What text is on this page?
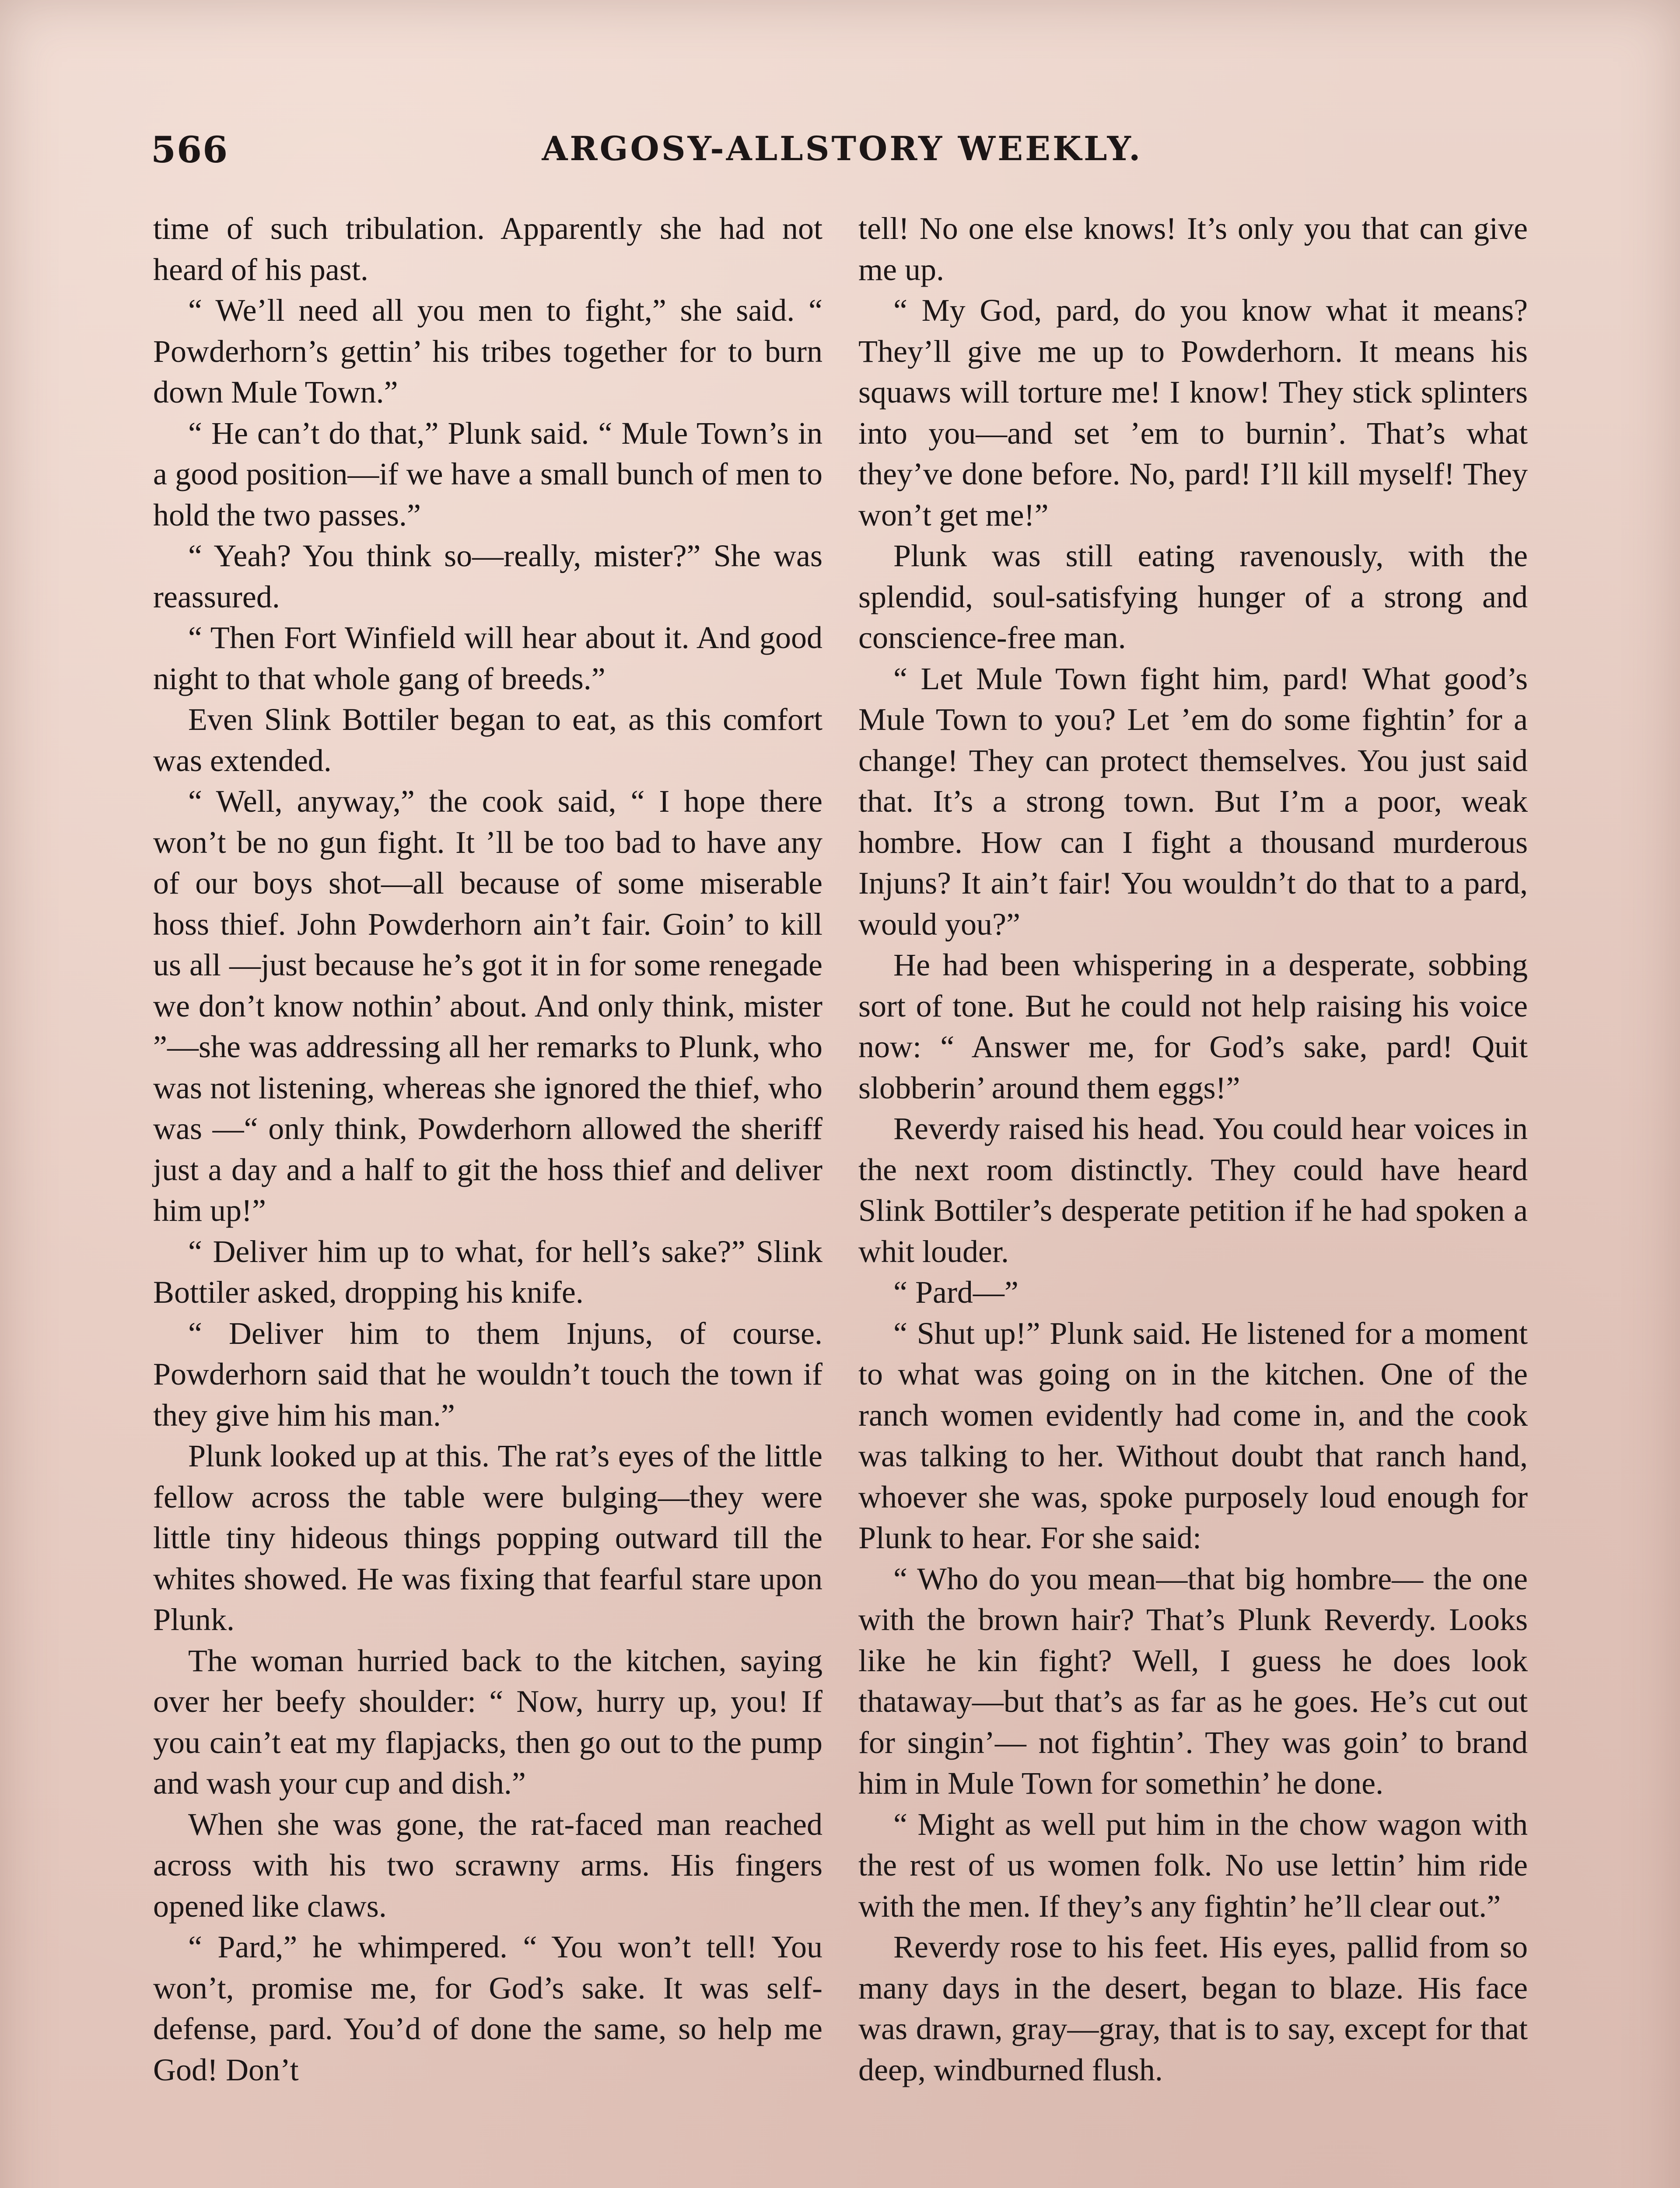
566	ARGOSY-ALLSTORY WEEKLY.

time of such tribulation. Apparently she had not heard of his past.

“ We’ll need all you men to fight,” she said. “ Powderhorn’s gettin’ his tribes together for to burn down Mule Town.”

“ He can’t do that,” Plunk said. “ Mule Town’s in a good position—if we have a small bunch of men to hold the two passes.”

“ Yeah? You think so—really, mister?” She was reassured.

“ Then Fort Winfield will hear about it. And good night to that whole gang of breeds.”

Even Slink Bottiler began to eat, as this comfort was extended.

“ Well, anyway,” the cook said, “ I hope there won’t be no gun fight. It ’ll be too bad to have any of our boys shot—all because of some miserable hoss thief. John Powderhorn ain’t fair. Goin’ to kill us all —just because he’s got it in for some renegade we don’t know nothin’ about. And only think, mister ”—she was addressing all her remarks to Plunk, who was not listening, whereas she ignored the thief, who was —“ only think, Powderhorn allowed the sheriff just a day and a half to git the hoss thief and deliver him up!”

“ Deliver him up to what, for hell’s sake?” Slink Bottiler asked, dropping his knife.

“ Deliver him to them Injuns, of course. Powderhorn said that he wouldn’t touch the town if they give him his man.”

Plunk looked up at this. The rat’s eyes of the little fellow across the table were bulging—they were little tiny hideous things popping outward till the whites showed. He was fixing that fearful stare upon Plunk.

The woman hurried back to the kitchen, saying over her beefy shoulder: “ Now, hurry up, you! If you cain’t eat my flapjacks, then go out to the pump and wash your cup and dish.”

When she was gone, the rat-faced man reached across with his two scrawny arms. His fingers opened like claws.

“ Pard,” he whimpered. “ You won’t tell! You won’t, promise me, for God’s sake. It was self-defense, pard. You’d of done the same, so help me God! Don’t

tell! No one else knows! It’s only you that can give me up.

“ My God, pard, do you know what it means? They’ll give me up to Powderhorn. It means his squaws will torture me! I know! They stick splinters into you—and set ’em to burnin’. That’s what they’ve done before. No, pard! I’ll kill myself! They won’t get me!”

Plunk was still eating ravenously, with the splendid, soul-satisfying hunger of a strong and conscience-free man.

“ Let Mule Town fight him, pard! What good’s Mule Town to you? Let ’em do some fightin’ for a change! They can protect themselves. You just said that. It’s a strong town. But I’m a poor, weak hombre. How can I fight a thousand murderous Injuns? It ain’t fair! You wouldn’t do that to a pard, would you?”

He had been whispering in a desperate, sobbing sort of tone. But he could not help raising his voice now: “ Answer me, for God’s sake, pard! Quit slobberin’ around them eggs!”

Reverdy raised his head. You could hear voices in the next room distinctly. They could have heard Slink Bottiler’s desperate petition if he had spoken a whit louder.

“ Pard—”

“ Shut up!” Plunk said. He listened for a moment to what was going on in the kitchen. One of the ranch women evidently had come in, and the cook was talking to her. Without doubt that ranch hand, whoever she was, spoke purposely loud enough for Plunk to hear. For she said:

“ Who do you mean—that big hombre— the one with the brown hair? That’s Plunk Reverdy. Looks like he kin fight? Well, I guess he does look thataway—but that’s as far as he goes. He’s cut out for singin’— not fightin’. They was goin’ to brand him in Mule Town for somethin’ he done.

“ Might as well put him in the chow wagon with the rest of us women folk. No use lettin’ him ride with the men. If they’s any fightin’ he’ll clear out.”

Reverdy rose to his feet. His eyes, pallid from so many days in the desert, began to blaze. His face was drawn, gray—gray, that is to say, except for that deep, windburned flush.
